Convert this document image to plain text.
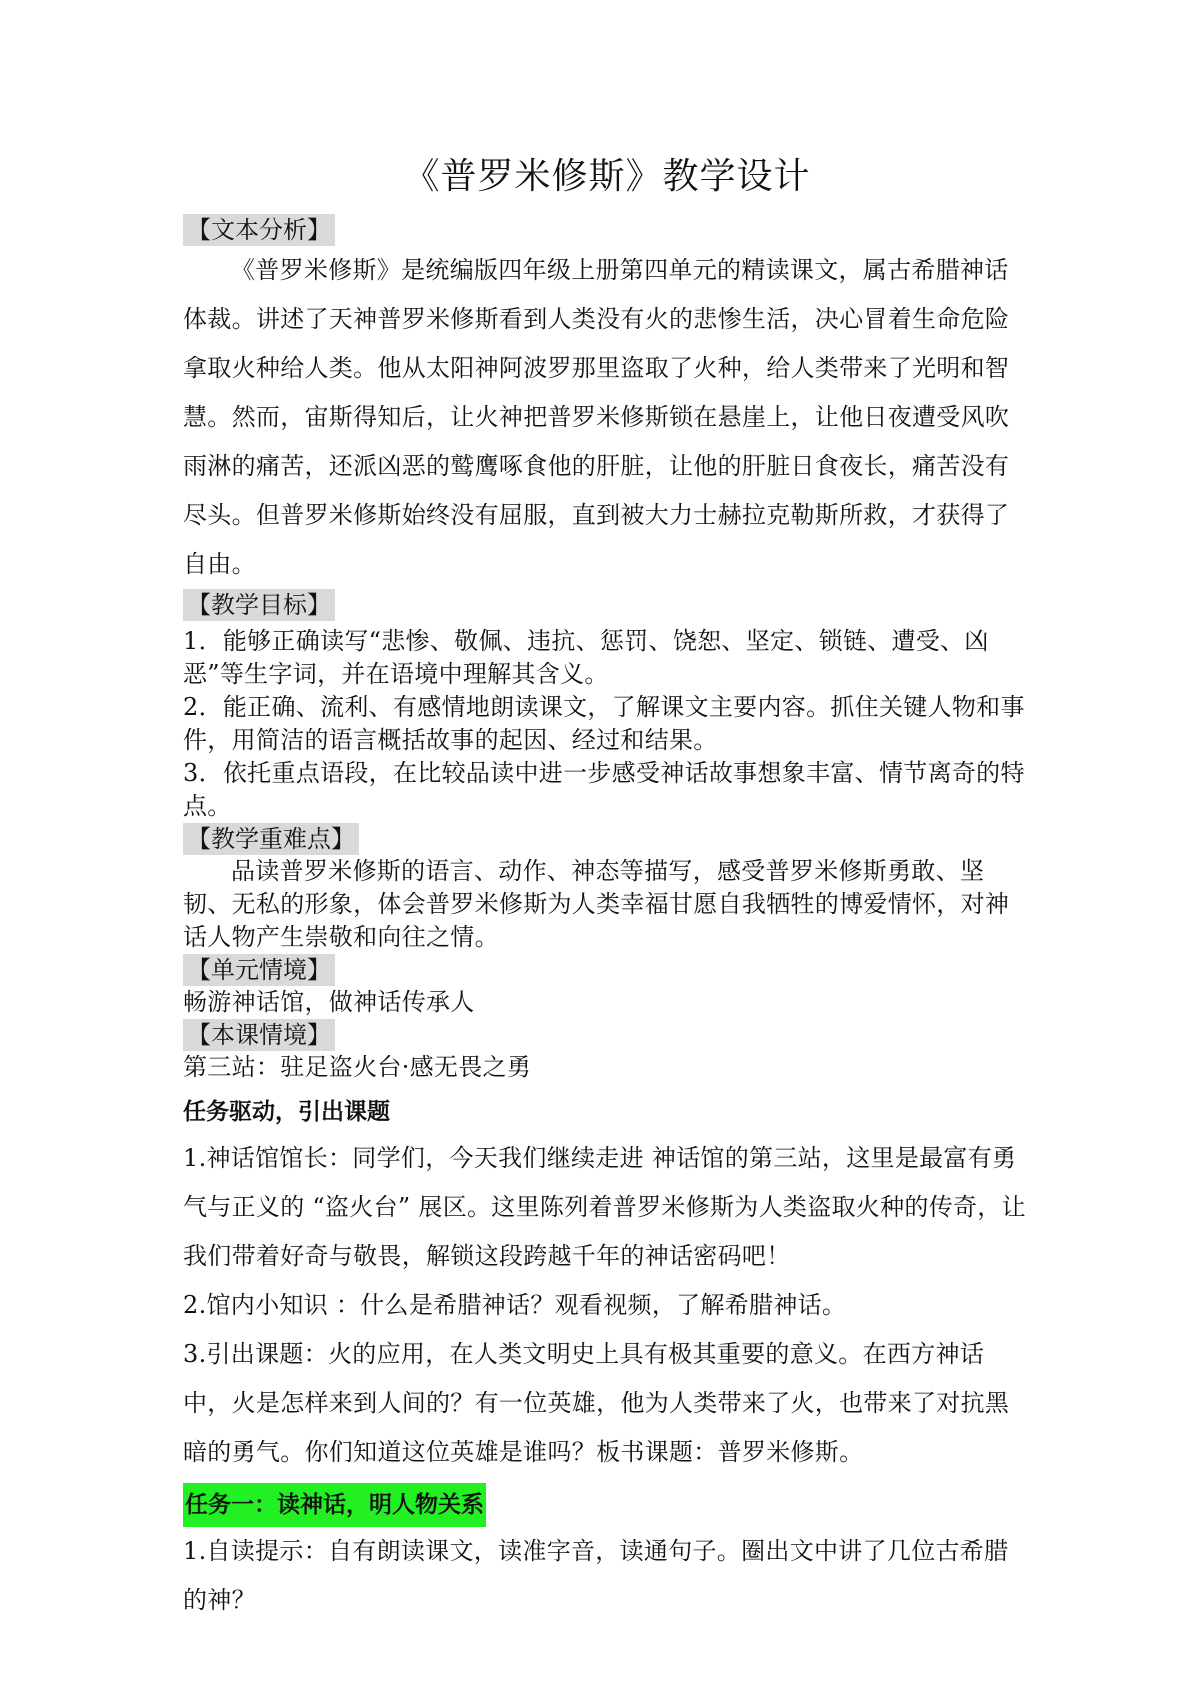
《普罗米修斯》教学设计
【文本分析】

《普罗米修斯》是统编版四年级上册第四单元的精读课文，属古希腊神话体裁。讲述了天神普罗米修斯看到人类没有火的悲惨生活，决心冒着生命危险拿取火种给人类。他从太阳神阿波罗那里盗取了火种，给人类带来了光明和智慧。然而，宙斯得知后，让火神把普罗米修斯锁在悬崖上，让他日夜遭受风吹雨淋的痛苦，还派凶恶的鹫鹰啄食他的肝脏，让他的肝脏日食夜长，痛苦没有尽头。但普罗米修斯始终没有屈服，直到被大力士赫拉克勒斯所救，才获得了自由。

【教学目标】

1．能够正确读写“悲惨、敬佩、违抗、惩罚、饶恕、坚定、锁链、遭受、凶恶”等生字词，并在语境中理解其含义。

2．能正确、流利、有感情地朗读课文，了解课文主要内容。抓住关键人物和事件，用简洁的语言概括故事的起因、经过和结果。

3．依托重点语段，在比较品读中进一步感受神话故事想象丰富、情节离奇的特点。

【教学重难点】

品读普罗米修斯的语言、动作、神态等描写，感受普罗米修斯勇敢、坚韧、无私的形象，体会普罗米修斯为人类幸福甘愿自我牺牲的博爱情怀，对神话人物产生崇敬和向往之情。

【单元情境】

畅游神话馆，做神话传承人

【本课情境】

第三站：驻足盗火台·感无畏之勇

任务驱动，引出课题

1.神话馆馆长：同学们，今天我们继续走进 神话馆的第三站，这里是最富有勇气与正义的 “盗火台” 展区。这里陈列着普罗米修斯为人类盗取火种的传奇，让我们带着好奇与敬畏，解锁这段跨越千年的神话密码吧！

2.馆内小知识 ：什么是希腊神话？观看视频，了解希腊神话。

3.引出课题：火的应用，在人类文明史上具有极其重要的意义。在西方神话中，火是怎样来到人间的？有一位英雄，他为人类带来了火，也带来了对抗黑暗的勇气。你们知道这位英雄是谁吗？板书课题：普罗米修斯。

任务一：读神话，明人物关系

1.自读提示：自有朗读课文，读准字音，读通句子。圈出文中讲了几位古希腊的神？
